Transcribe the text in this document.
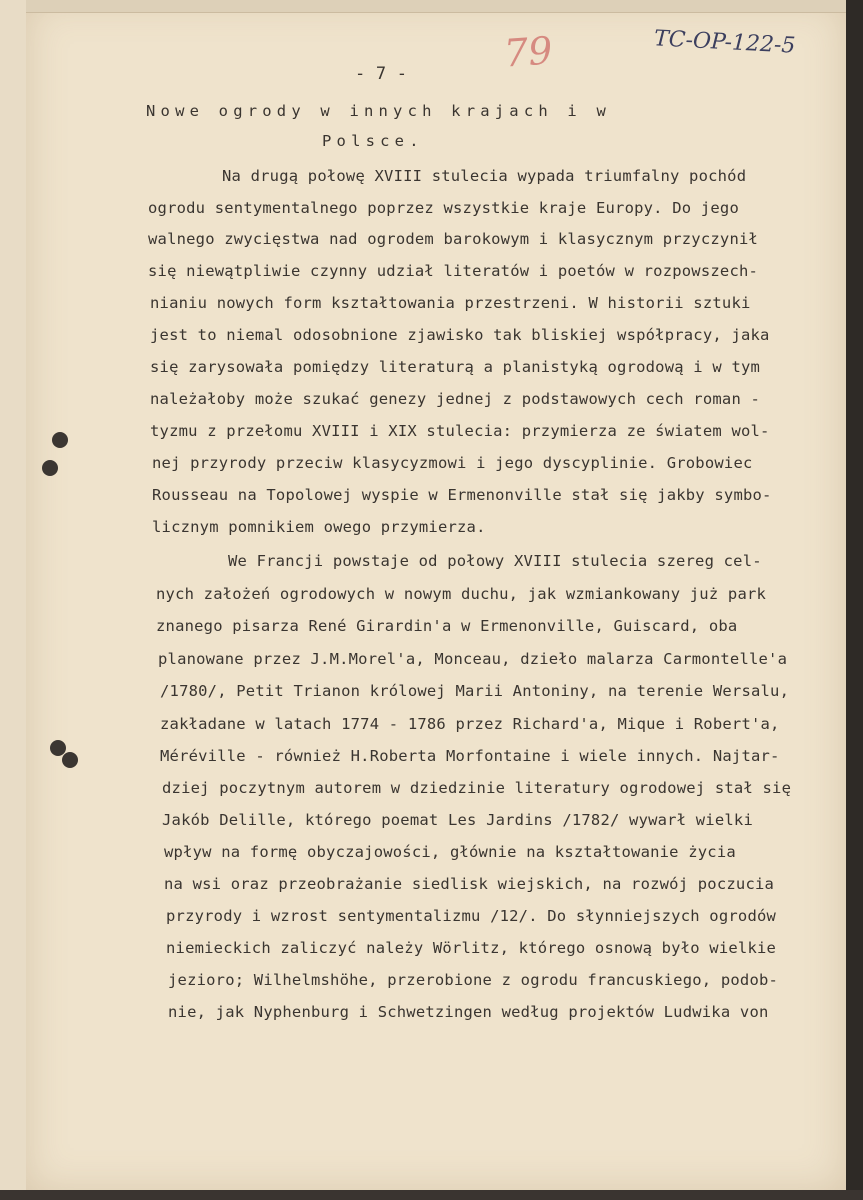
79	TC-OP-122-5
- 7 -
Nowe ogrody w innych krajach i w
Polsce.
Na drugą połowę XVIII stulecia wypada triumfalny pochód
ogrodu sentymentalnego poprzez wszystkie kraje Europy. Do jego
walnego zwycięstwa nad ogrodem barokowym i klasycznym przyczynił
się niewątpliwie czynny udział literatów i poetów w rozpowszech-
nianiu nowych form kształtowania przestrzeni. W historii sztuki
jest to niemal odosobnione zjawisko tak bliskiej współpracy, jaka
się zarysowała pomiędzy literaturą a planistyką ogrodową i w tym
należałoby może szukać genezy jednej z podstawowych cech roman -
tyzmu z przełomu XVIII i XIX stulecia: przymierza ze światem wol-
nej przyrody przeciw klasycyzmowi i jego dyscyplinie. Grobowiec
Rousseau na Topolowej wyspie w Ermenonville stał się jakby symbo-
licznym pomnikiem owego przymierza.
We Francji powstaje od połowy XVIII stulecia szereg cel-
nych założeń ogrodowych w nowym duchu, jak wzmiankowany już park
znanego pisarza René Girardin'a w Ermenonville, Guiscard, oba
planowane przez J.M.Morel'a, Monceau, dzieło malarza Carmontelle'a
/1780/, Petit Trianon królowej Marii Antoniny, na terenie Wersalu,
zakładane w latach 1774 - 1786 przez Richard'a, Mique i Robert'a,
Méréville - również H.Roberta Morfontaine i wiele innych. Najtar-
dziej poczytnym autorem w dziedzinie literatury ogrodowej stał się
Jakób Delille, którego poemat Les Jardins /1782/ wywarł wielki
wpływ na formę obyczajowości, głównie na kształtowanie życia
na wsi oraz przeobrażanie siedlisk wiejskich, na rozwój poczucia
przyrody i wzrost sentymentalizmu /12/. Do słynniejszych ogrodów
niemieckich zaliczyć należy Wörlitz, którego osnową było wielkie
jezioro; Wilhelmshöhe, przerobione z ogrodu francuskiego, podob-
nie, jak Nyphenburg i Schwetzingen według projektów Ludwika von
